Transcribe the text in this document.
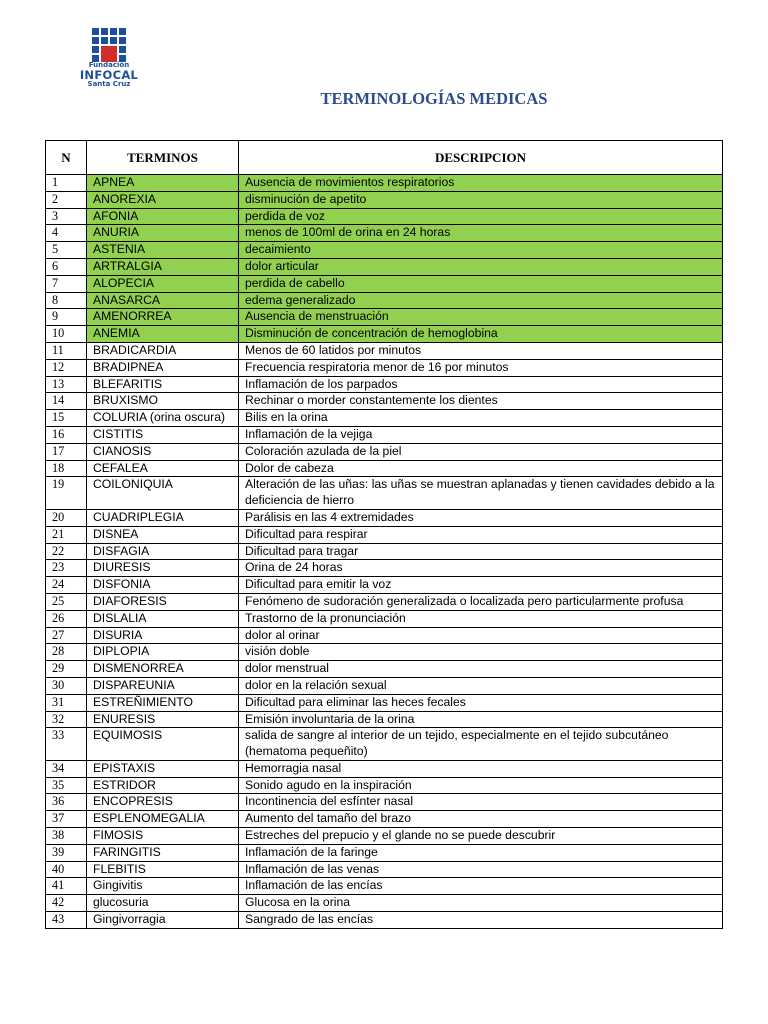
Fundación
INFOCAL
Santa Cruz
TERMINOLOGÍAS MEDICAS
N	TERMINOS	DESCRIPCION
1	APNEA	Ausencia de movimientos respiratorios
2	ANOREXIA	disminución de apetito
3	AFONIA	perdida de voz
4	ANURIA	menos de 100ml de orina en 24 horas
5	ASTENIA	decaimiento
6	ARTRALGIA	dolor articular
7	ALOPECIA	perdida de cabello
8	ANASARCA	edema generalizado
9	AMENORREA	Ausencia de menstruación
10	ANEMIA	Disminución de concentración de hemoglobina
11	BRADICARDIA	Menos de 60 latidos por minutos
12	BRADIPNEA	Frecuencia respiratoria menor de 16 por minutos
13	BLEFARITIS	Inflamación de los parpados
14	BRUXISMO	Rechinar o morder constantemente los dientes
15	COLURIA (orina oscura)	Bilis en la orina
16	CISTITIS	Inflamación de la vejiga
17	CIANOSIS	Coloración azulada de la piel
18	CEFALEA	Dolor de cabeza
19	COILONIQUIA	Alteración de las uñas: las uñas se muestran aplanadas y tienen cavidades debido a la deficiencia de hierro
20	CUADRIPLEGIA	Parálisis en las 4 extremidades
21	DISNEA	Dificultad para respirar
22	DISFAGIA	Dificultad para tragar
23	DIURESIS	Orina de 24 horas
24	DISFONIA	Dificultad para emitir la voz
25	DIAFORESIS	Fenómeno de sudoración generalizada o localizada pero particularmente profusa
26	DISLALIA	Trastorno de la pronunciación
27	DISURIA	dolor al orinar
28	DIPLOPIA	visión doble
29	DISMENORREA	dolor menstrual
30	DISPAREUNIA	dolor en la relación sexual
31	ESTREÑIMIENTO	Dificultad para eliminar las heces fecales
32	ENURESIS	Emisión involuntaria de la orina
33	EQUIMOSIS	salida de sangre al interior de un tejido, especialmente en el tejido subcutáneo (hematoma pequeñito)
34	EPISTAXIS	Hemorragia nasal
35	ESTRIDOR	Sonido agudo en la inspiración
36	ENCOPRESIS	Incontinencia del esfínter nasal
37	ESPLENOMEGALIA	Aumento del tamaño del brazo
38	FIMOSIS	Estreches del prepucio y el glande no se puede descubrir
39	FARINGITIS	Inflamación de la faringe
40	FLEBITIS	Inflamación de las venas
41	Gingivitis	Inflamación de las encías
42	glucosuria	Glucosa en la orina
43	Gingivorragia	Sangrado de las encías
